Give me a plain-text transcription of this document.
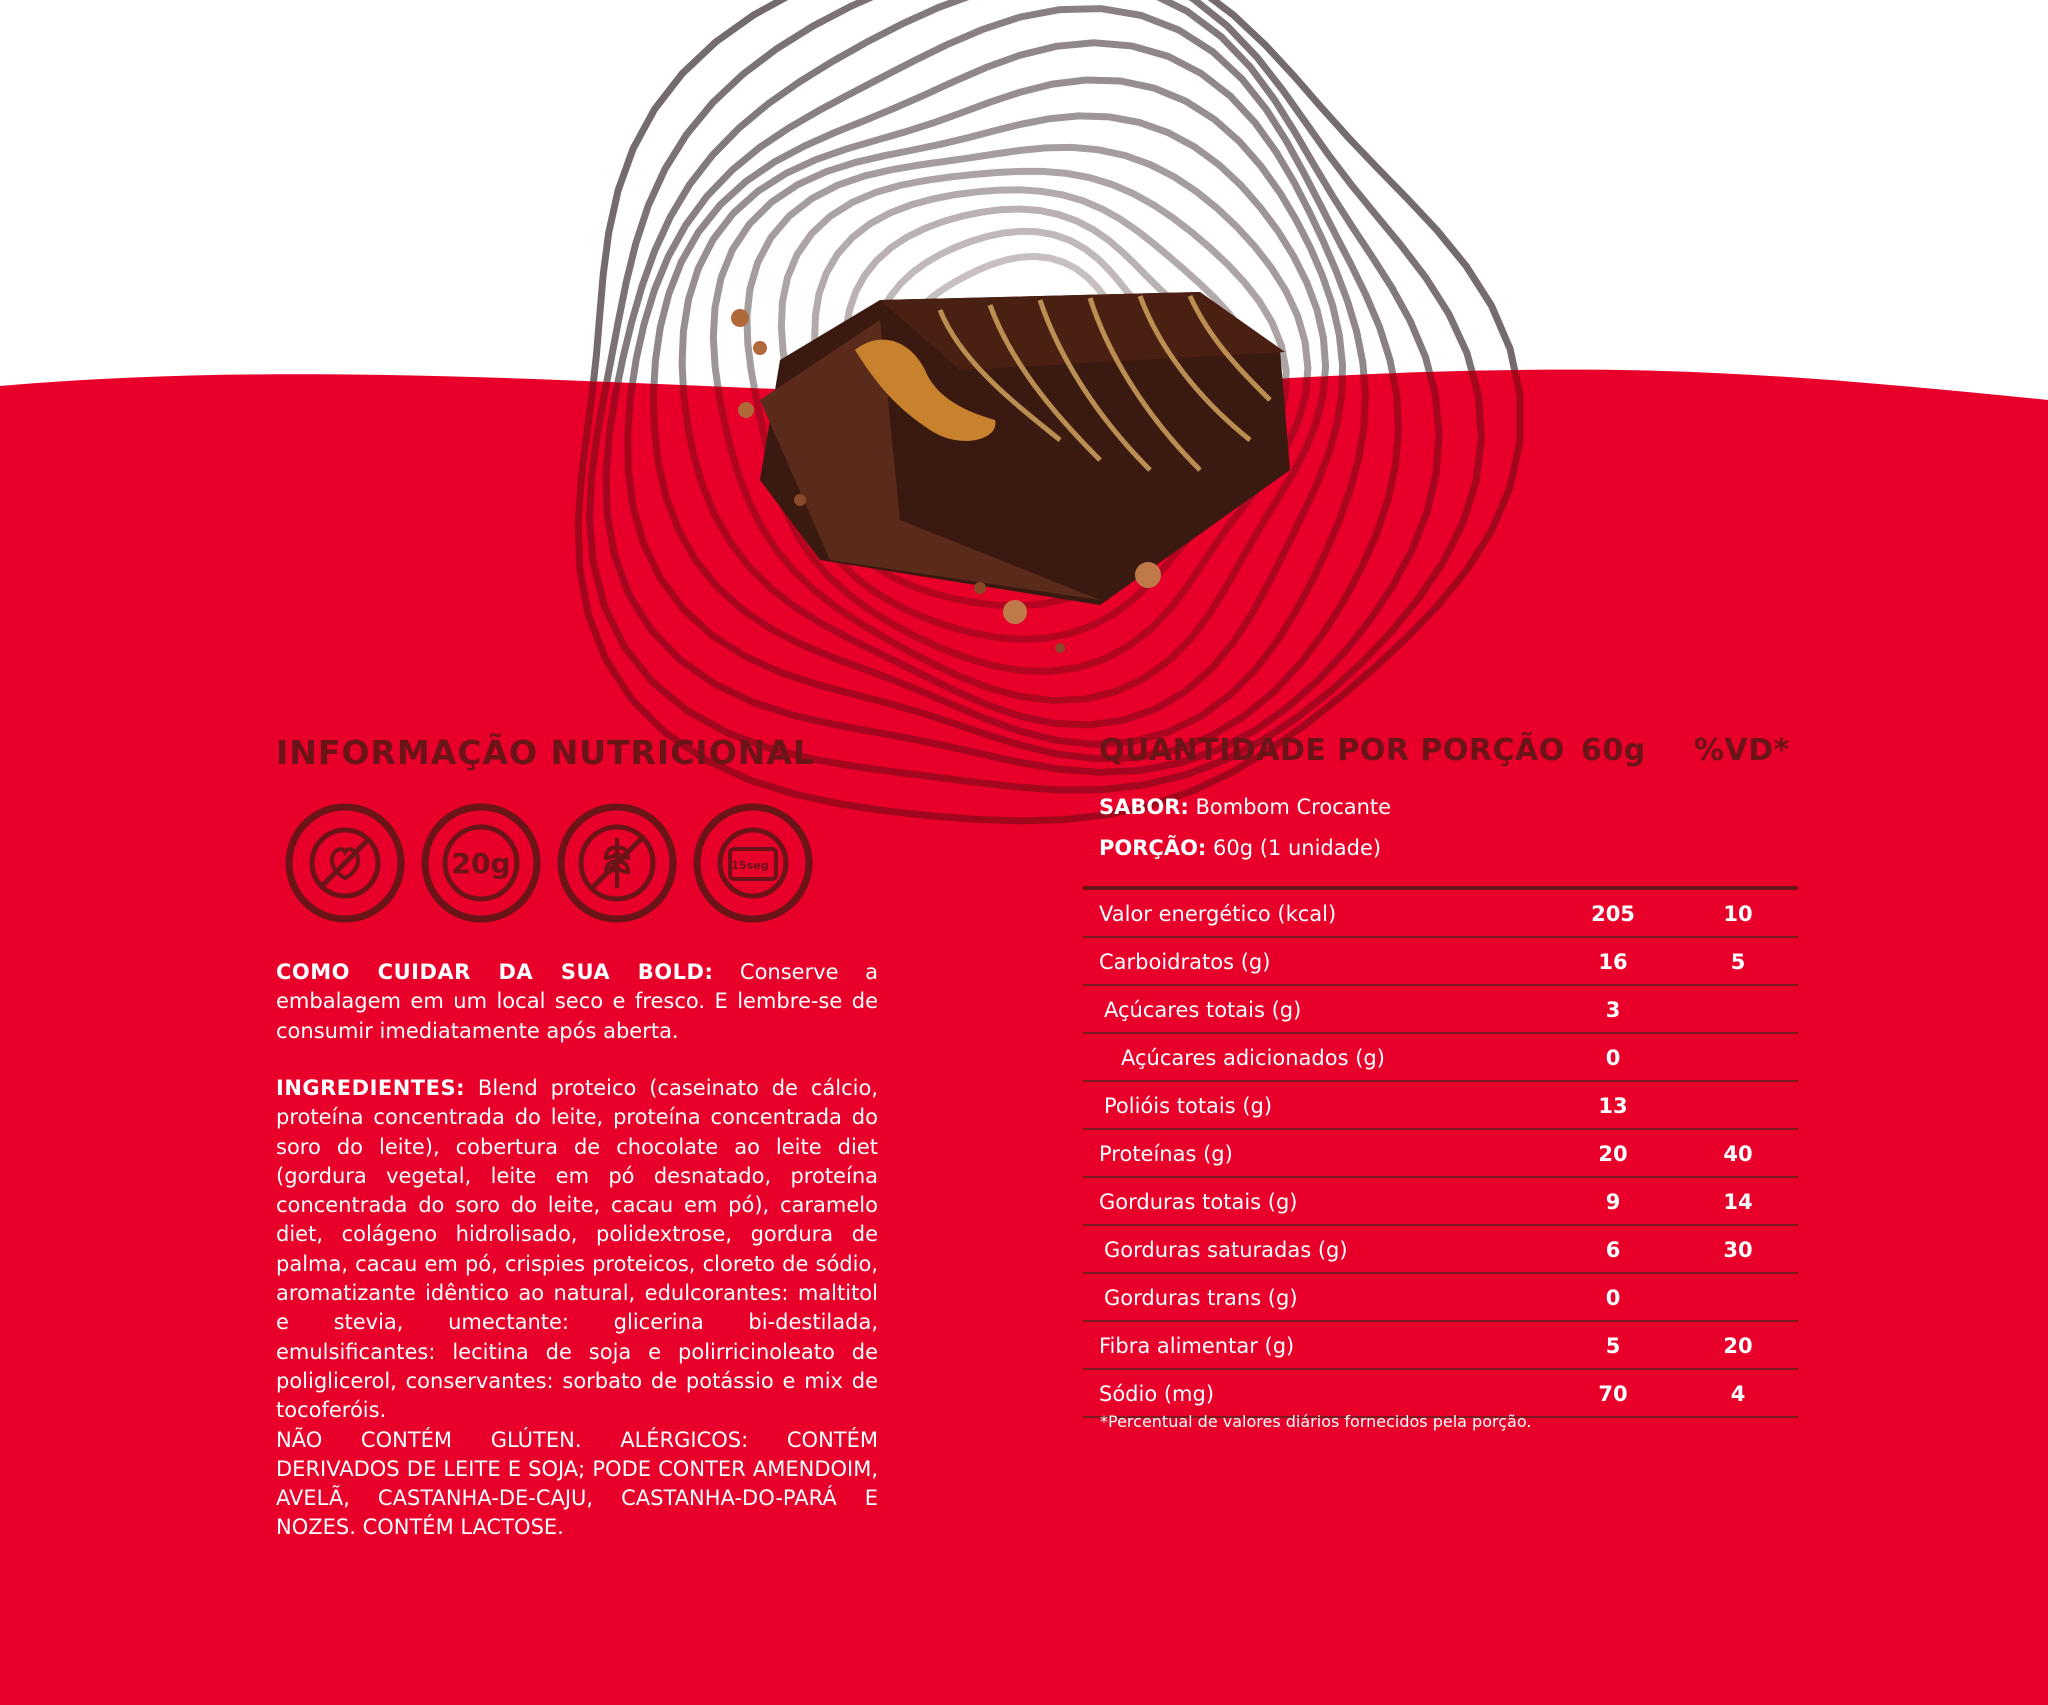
INFORMAÇÃO NUTRICIONAL
20g	15seg

COMO CUIDAR DA SUA BOLD: Conserve a embalagem em um local seco e fresco. E lembre-se de consumir imediatamente após aberta.

INGREDIENTES: Blend proteico (caseinato de cálcio, proteína concentrada do leite, proteína concentrada do soro do leite), cobertura de chocolate ao leite diet (gordura vegetal, leite em pó desnatado, proteína concentrada do soro do leite, cacau em pó), caramelo diet, colágeno hidrolisado, polidextrose, gordura de palma, cacau em pó, crispies proteicos, cloreto de sódio, aromatizante idêntico ao natural, edulcorantes: maltitol e stevia, umectante: glicerina bi-destilada, emulsificantes: lecitina de soja e polirricinoleato de poliglicerol, conservantes: sorbato de potássio e mix de tocoferóis.

NÃO CONTÉM GLÚTEN. ALÉRGICOS: CONTÉM DERIVADOS DE LEITE E SOJA; PODE CONTER AMENDOIM, AVELÃ, CASTANHA-DE-CAJU, CASTANHA-DO-PARÁ E NOZES. CONTÉM LACTOSE.

QUANTIDADE POR PORÇÃO 60g %VD*
SABOR: Bombom Crocante
PORÇÃO: 60g (1 unidade)
Valor energético (kcal)	205	10
Carboidratos (g)	16	5
Açúcares totais (g)	3
Açúcares adicionados (g)	0
Polióis totais (g)	13
Proteínas (g)	20	40
Gorduras totais (g)	9	14
Gorduras saturadas (g)	6	30
Gorduras trans (g)	0
Fibra alimentar (g)	5	20
Sódio (mg)	70	4
*Percentual de valores diários fornecidos pela porção.
